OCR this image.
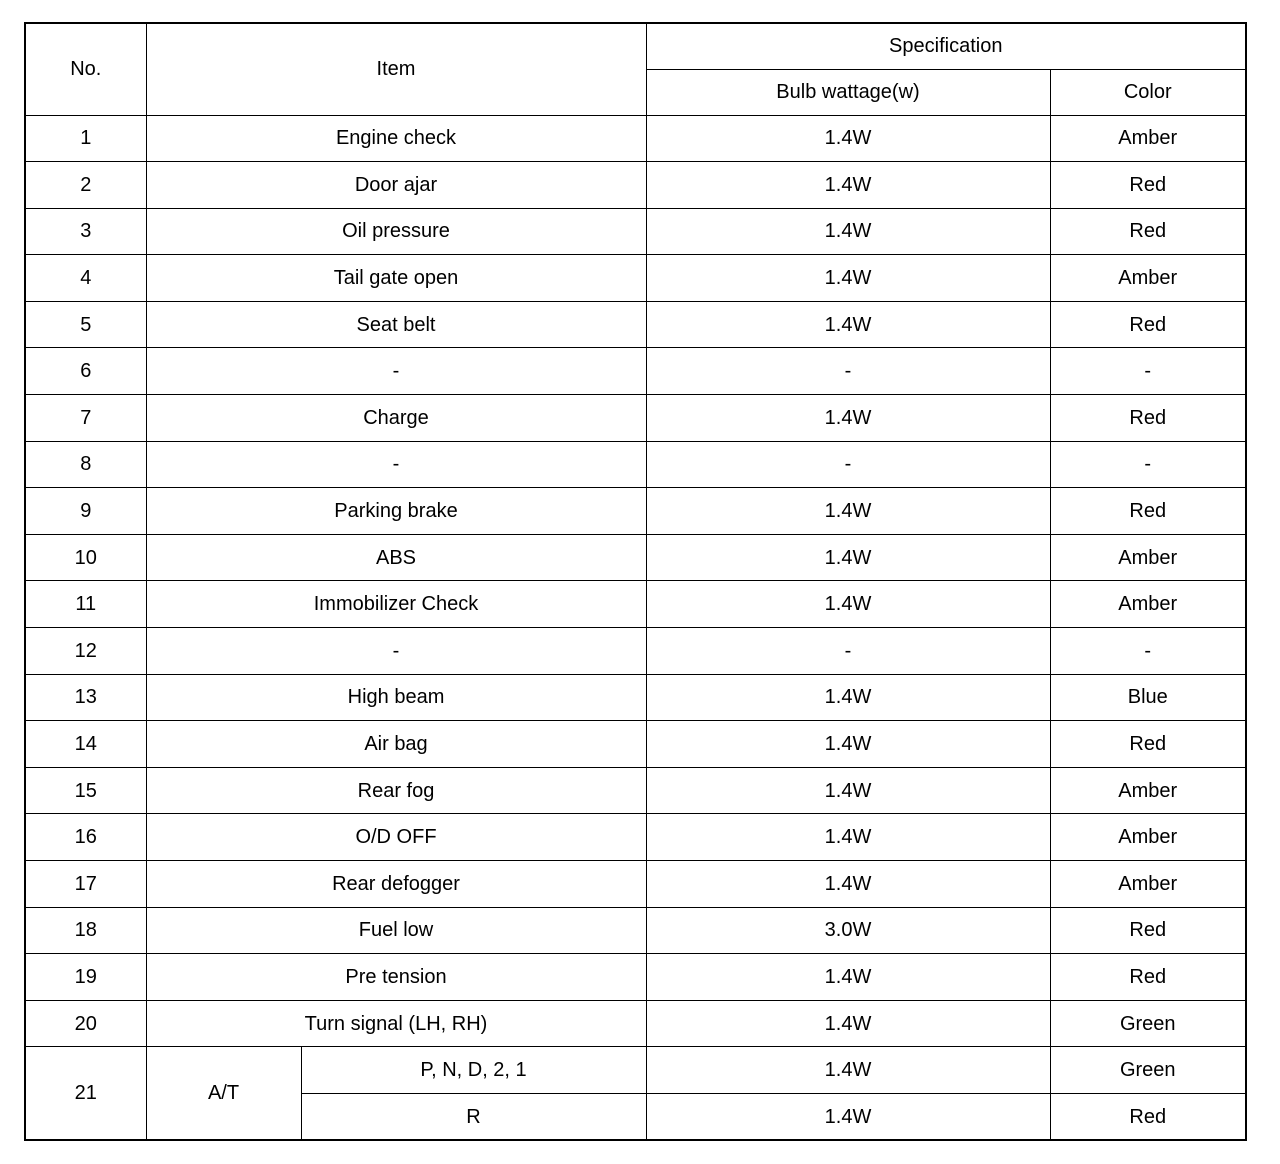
No.	Item		Specification	
			Bulb wattage(w)	Color
1	Engine check		1.4W	Amber
2	Door ajar		1.4W	Red
3	Oil pressure		1.4W	Red
4	Tail gate open		1.4W	Amber
5	Seat belt		1.4W	Red
6	-		-	-
7	Charge		1.4W	Red
8	-		-	-
9	Parking brake		1.4W	Red
10	ABS		1.4W	Amber
11	Immobilizer Check		1.4W	Amber
12	-		-	-
13	High beam		1.4W	Blue
14	Air bag		1.4W	Red
15	Rear fog		1.4W	Amber
16	O/D OFF		1.4W	Amber
17	Rear defogger		1.4W	Amber
18	Fuel low		3.0W	Red
19	Pre tension		1.4W	Red
20	Turn signal (LH, RH)		1.4W	Green
21	A/T	P, N, D, 2, 1	1.4W	Green
		R	1.4W	Red
